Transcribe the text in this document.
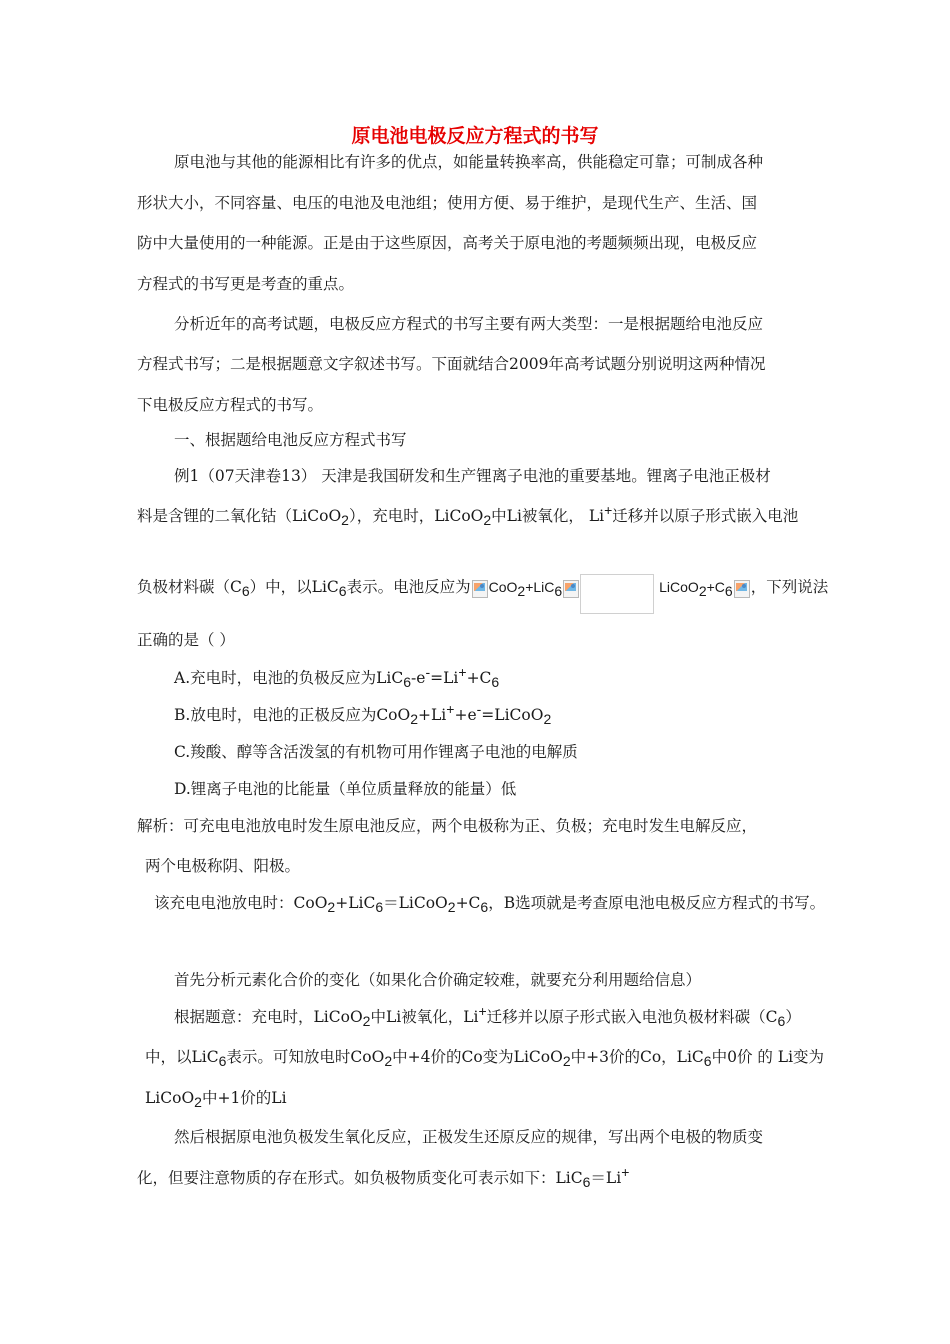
原电池电极反应方程式的书写
原电池与其他的能源相比有许多的优点，如能量转换率高，供能稳定可靠；可制成各种
形状大小，不同容量、电压的电池及电池组；使用方便、易于维护，是现代生产、生活、国
防中大量使用的一种能源。正是由于这些原因，高考关于原电池的考题频频出现，电极反应
方程式的书写更是考查的重点。
分析近年的高考试题，电极反应方程式的书写主要有两大类型：一是根据题给电池反应
方程式书写；二是根据题意文字叙述书写。下面就结合2009年高考试题分别说明这两种情况
下电极反应方程式的书写。
一、根据题给电池反应方程式书写
例1（07天津卷13） 天津是我国研发和生产锂离子电池的重要基地。锂离子电池正极材
料是含锂的二氧化钴（LiCoO$_2$），充电时，LiCoO$_2$中Li被氧化， Li+迁移并以原子形式嵌入电池
负极材料碳$(C_6)$中，以LiC$_6$表示。电池反应为 CoO$_2$+LiC$_6$	$LiCoO_2+C_6$ ，下列说法
正确的是（ ）
A.充电时，电池的负极反应为$LiC_6-e^-=Li^++C_6$
B.放电时，电池的正极反应为CoO$_2$+Li++e-=LiCoO$_2$
C.羧酸、醇等含活泼氢的有机物可用作锂离子电池的电解质
D.锂离子电池的比能量（单位质量释放的能量）低
解析：可充电电池放电时发生原电池反应，两个电极称为正、负极；充电时发生电解反应，
两个电极称阴、阳极。
该充电电池放电时：$CoO_2+LiC_6=LiCoO_2+C_6$，B选项就是考查原电池电极反应方程式的书写。
首先分析元素化合价的变化（如果化合价确定较难，就要充分利用题给信息）
根据题意：充电时，LiCoO$_2$中Li被氧化，Li+迁移并以原子形式嵌入电池负极材料碳$(C_6)$
中，以LiC$_6$表示。可知放电时CoO$_2$中+4价的Co变为LiCoO$_2$中+3价的Co，LiC$_6$中0价 的 Li变为
LiCoO$_2$中+1价的Li
然后根据原电池负极发生氧化反应，正极发生还原反应的规律，写出两个电极的物质变
化，但要注意物质的存在形式。如负极物质变化可表示如下：LiC$_6$＝Li+
